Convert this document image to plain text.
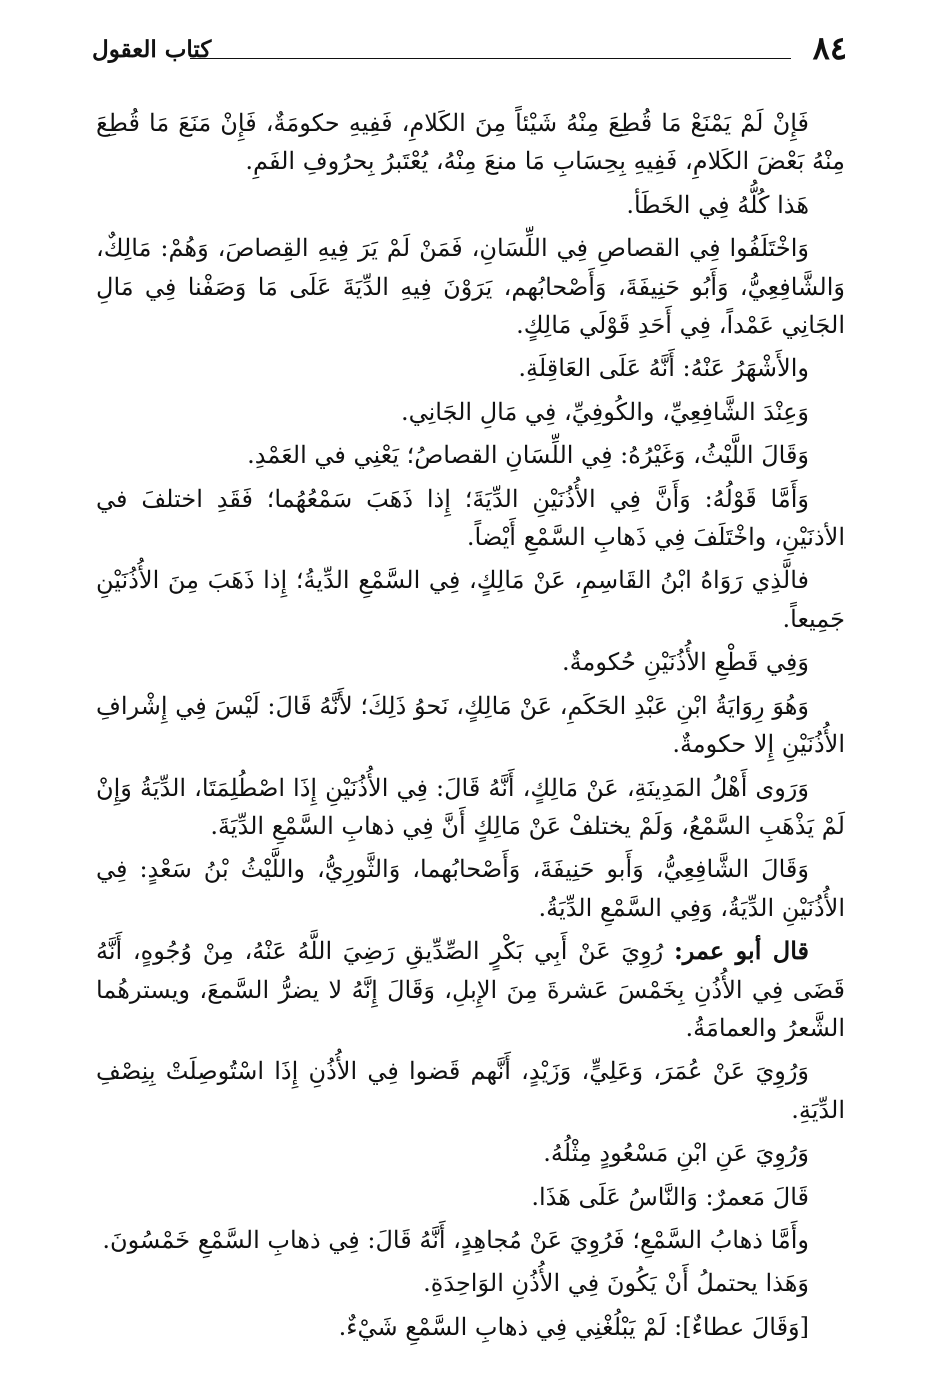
٨٤
كتاب العقول

فَإِنْ لَمْ يَمْنَعْ مَا قُطِعَ مِنْهُ شَيْئاً مِنَ الكَلامِ، فَفِيهِ حكومَةٌ، فَإِنْ مَنَعَ مَا قُطِعَ مِنْهُ بَعْضَ الكَلامِ، فَفِيهِ بِحِسَابِ مَا منعَ مِنْهُ، يُعْتَبرُ بِحرُوفِ الفَمِ.

هَذا كُلُّهُ فِي الخَطَأ.

وَاخْتَلَفُوا فِي القصاصِ فِي اللِّسَانِ، فَمَنْ لَمْ يَرَ فِيهِ القِصاصَ، وَهُمْ: مَالِكٌ، وَالشَّافِعِيُّ، وَأَبُو حَنِيفَةَ، وَأَصْحابُهم، يَرَوْنَ فِيهِ الدِّيَةَ عَلَى مَا وَصَفْنا فِي مَالِ الجَانِي عَمْداً، فِي أَحَدِ قَوْلَي مَالِكٍ.

والأَشْهَرُ عَنْهُ: أَنَّهُ عَلَى العَاقِلَةِ.

وَعِنْدَ الشَّافِعِيِّ، والكُوفِيِّ، فِي مَالِ الجَانِي.

وَقَالَ اللَّيْثُ، وَغَيْرُهُ: فِي اللِّسَانِ القصاصُ؛ يَعْنِي في العَمْدِ.

وَأَمَّا قَوْلُهُ: وَأَنَّ فِي الأُذُنَيْنِ الدِّيَةَ؛ إِذا ذَهَبَ سَمْعُهُما؛ فَقَدِ اختلفَ في الأذنَيْنِ، واخْتَلَفَ فِي ذَهابِ السَّمْعِ أَيْضاً.

فالَّذِي رَوَاهُ ابْنُ القَاسِمِ، عَنْ مَالِكٍ، فِي السَّمْعِ الدِّيةُ؛ إِذا ذَهَبَ مِنَ الأُذُنَيْنِ جَمِيعاً.

وَفِي قَطْعِ الأُذُنَيْنِ حُكومةٌ.

وَهُوَ رِوَايَةُ ابْنِ عَبْدِ الحَكَمِ، عَنْ مَالِكٍ، نَحوُ ذَلِكَ؛ لأَنَّهُ قَالَ: لَيْسَ فِي إِشْرافِ الأُذُنَيْنِ إِلا حكومةٌ.

وَرَوى أَهْلُ المَدِينَةِ، عَنْ مَالِكٍ، أَنَّهُ قَالَ: فِي الأُذُنَيْنِ إِذَا اصْطُلِمَتَا، الدِّيَةُ وَإِنْ لَمْ يَذْهَبِ السَّمْعُ، وَلَمْ يختلفْ عَنْ مَالِكٍ أَنَّ فِي ذهابِ السَّمْعِ الدِّيَةَ.

وَقَالَ الشَّافِعِيُّ، وَأَبو حَنِيفَةَ، وَأَصْحابُهما، وَالثَّورِيُّ، واللَّيْثُ بْنُ سَعْدٍ: فِي الأُذُنَيْنِ الدِّيَةُ، وَفِي السَّمْعِ الدِّيَةُ.

قال أبو عمر: رُوِيَ عَنْ أَبِي بَكْرٍ الصِّدِّيقِ رَضِيَ اللَّهُ عَنْهُ، مِنْ وُجُوهٍ، أَنَّهُ قَضَى فِي الأُذُنِ بِخَمْسَ عَشرةَ مِنَ الإِبلِ، وَقَالَ إِنَّهُ لا يضرُّ السَّمعَ، ويسترهُما الشَّعرُ والعمامَةُ.

وَرُوِيَ عَنْ عُمَرَ، وَعَلِيٍّ، وَزَيْدٍ، أَنَّهم قَضوا فِي الأُذُنِ إِذَا اسْتُوصِلَتْ بِنِصْفِ الدِّيَةِ.

وَرُوِيَ عَنِ ابْنِ مَسْعُودٍ مِثْلُهُ.

قَالَ مَعمرٌ: وَالنَّاسُ عَلَى هَذَا.

وأَمَّا ذهابُ السَّمْعِ؛ فَرُوِيَ عَنْ مُجاهِدٍ، أَنَّهُ قَالَ: فِي ذهابِ السَّمْعِ خَمْسُونَ.

وَهَذا يحتملُ أَنْ يَكُونَ فِي الأُذُنِ الوَاحِدَةِ.

[وَقَالَ عطاءٌ]: لَمْ يَبْلُغْنِي فِي ذهابِ السَّمْعِ شَيْءٌ.
